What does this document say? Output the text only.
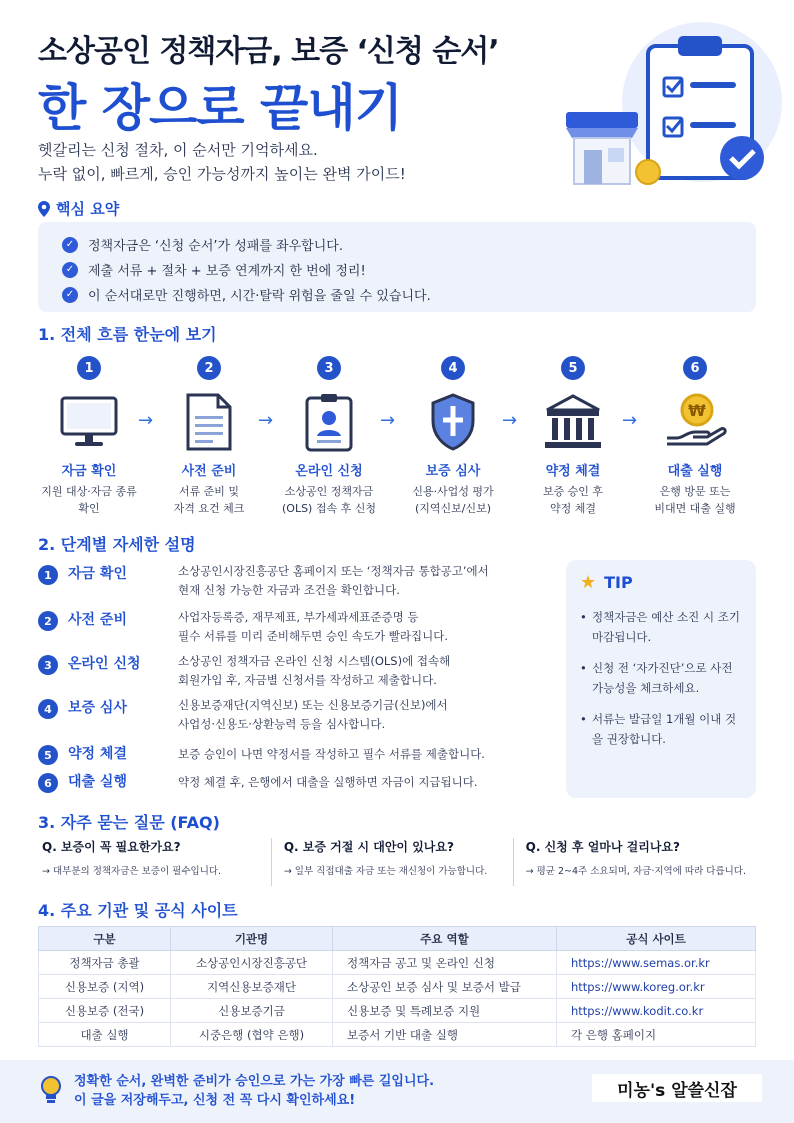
소상공인 정책자금, 보증 ‘신청 순서’
한 장으로 끝내기
헷갈리는 신청 절차, 이 순서만 기억하세요.
누락 없이, 빠르게, 승인 가능성까지 높이는 완벽 가이드!
핵심 요약
✓ 정책자금은 ‘신청 순서’가 성패를 좌우합니다.
✓ 제출 서류 + 절차 + 보증 연계까지 한 번에 정리!
✓ 이 순서대로만 진행하면, 시간·탈락 위험을 줄일 수 있습니다.
1. 전체 흐름 한눈에 보기
1
자금 확인
지원 대상·자금 종류
확인
→
2
사전 준비
서류 준비 및
자격 요건 체크
→
3
온라인 신청
소상공인 정책자금
(OLS) 접속 후 신청
→
4
보증 심사
신용·사업성 평가
(지역신보/신보)
→
5
약정 체결
보증 승인 후
약정 체결
→
6
₩
대출 실행
은행 방문 또는
비대면 대출 실행
2. 단계별 자세한 설명
1	자금 확인	소상공인시장진흥공단 홈페이지 또는 ‘정책자금 통합공고’에서
현재 신청 가능한 자금과 조건을 확인합니다.
2	사전 준비	사업자등록증, 재무제표, 부가세과세표준증명 등
필수 서류를 미리 준비해두면 승인 속도가 빨라집니다.
3	온라인 신청	소상공인 정책자금 온라인 신청 시스템(OLS)에 접속해
회원가입 후, 자금별 신청서를 작성하고 제출합니다.
4	보증 심사	신용보증재단(지역신보) 또는 신용보증기금(신보)에서
사업성·신용도·상환능력 등을 심사합니다.
5	약정 체결	보증 승인이 나면 약정서를 작성하고 필수 서류를 제출합니다.
6	대출 실행	약정 체결 후, 은행에서 대출을 실행하면 자금이 지급됩니다.
★ TIP
• 정책자금은 예산 소진 시 조기 마감됩니다.
• 신청 전 ‘자가진단’으로 사전 가능성을 체크하세요.
• 서류는 발급일 1개월 이내 것을 권장합니다.
3. 자주 묻는 질문 (FAQ)
Q. 보증이 꼭 필요한가요?
→ 대부분의 정책자금은 보증이 필수입니다.
Q. 보증 거절 시 대안이 있나요?
→ 일부 직접대출 자금 또는 재신청이 가능합니다.
Q. 신청 후 얼마나 걸리나요?
→ 평균 2~4주 소요되며, 자금·지역에 따라 다릅니다.
4. 주요 기관 및 공식 사이트
구분	기관명	주요 역할	공식 사이트
정책자금 총괄	소상공인시장진흥공단	정책자금 공고 및 온라인 신청	https://www.semas.or.kr
신용보증 (지역)	지역신용보증재단	소상공인 보증 심사 및 보증서 발급	https://www.koreg.or.kr
신용보증 (전국)	신용보증기금	신용보증 및 특례보증 지원	https://www.kodit.co.kr
대출 실행	시중은행 (협약 은행)	보증서 기반 대출 실행	각 은행 홈페이지
정확한 순서, 완벽한 준비가 승인으로 가는 가장 빠른 길입니다.
이 글을 저장해두고, 신청 전 꼭 다시 확인하세요!	미농's 알쓸신잡
